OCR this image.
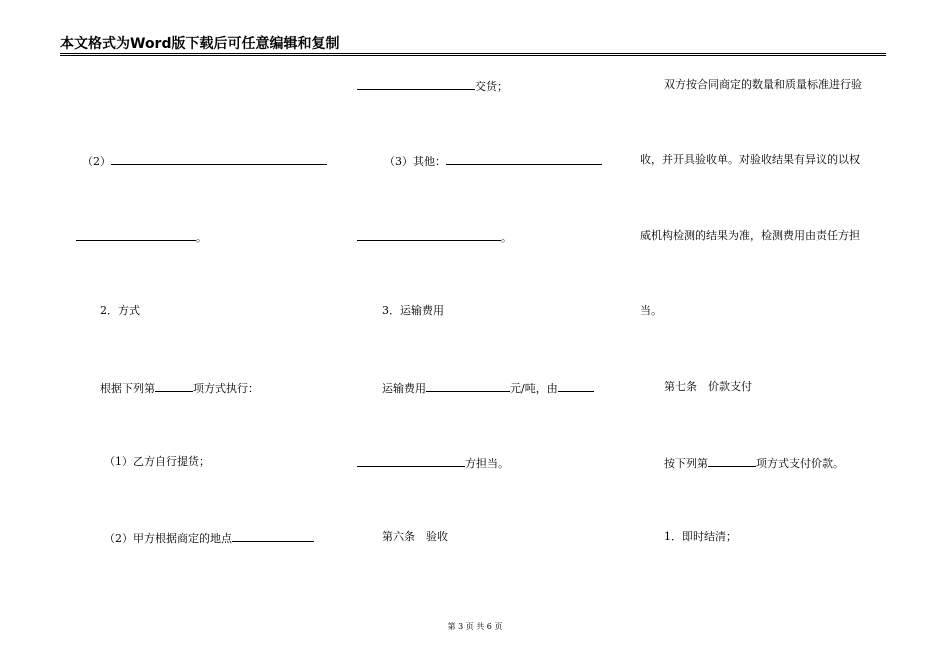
本文格式为Word版下载后可任意编辑和复制
（2）
。
2．方式
根据下列第	项方式执行：
（1）乙方自行提货；
（2）甲方根据商定的地点
交货；
（3）其他：
。
3．运输费用
运输费用	元/吨，由
方担当。
第六条　验收
双方按合同商定的数量和质量标准进行验
收，并开具验收单。对验收结果有异议的以权
威机构检测的结果为准，检测费用由责任方担
当。
第七条　价款支付
按下列第	项方式支付价款。
1．即时结清；
第 3 页 共 6 页
